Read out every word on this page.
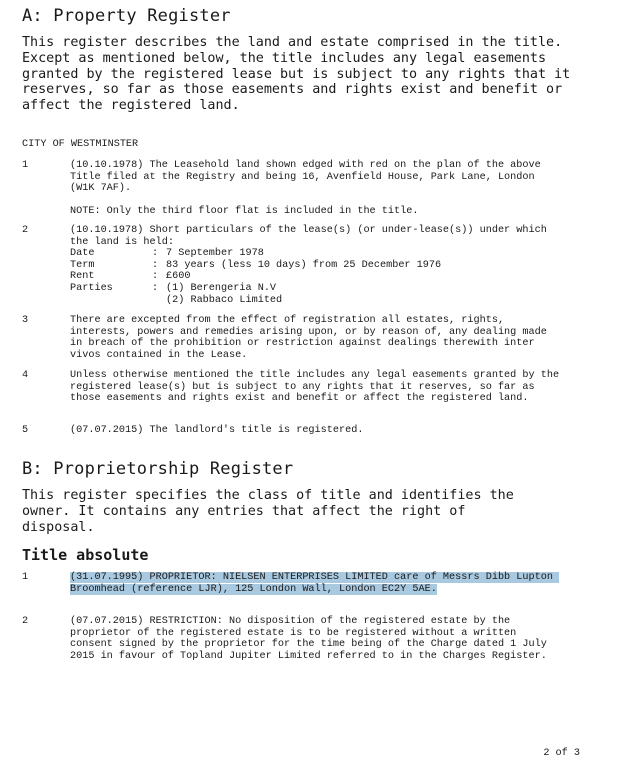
A: Property Register

This register describes the land and estate comprised in the title. Except as mentioned below, the title includes any legal easements granted by the registered lease but is subject to any rights that it reserves, so far as those easements and rights exist and benefit or affect the registered land.

CITY OF WESTMINSTER
1	(10.10.1978) The Leasehold land shown edged with red on the plan of the above Title filed at the Registry and being 16, Avenfield House, Park Lane, London (W1K 7AF).

NOTE: Only the third floor flat is included in the title.

2	(10.10.1978) Short particulars of the lease(s) (or under-lease(s)) under which the land is held:

Date	: 7 September 1978
Term	: 83 years (less 10 days) from 25 December 1976
Rent	: £600
Parties	: (1) Berengeria N.V
(2) Rabbaco Limited
3	There are excepted from the effect of registration all estates, rights, interests, powers and remedies arising upon, or by reason of, any dealing made in breach of the prohibition or restriction against dealings therewith inter vivos contained in the Lease.

4	Unless otherwise mentioned the title includes any legal easements granted by the registered lease(s) but is subject to any rights that it reserves, so far as those easements and rights exist and benefit or affect the registered land.

5	(07.07.2015) The landlord's title is registered.

B: Proprietorship Register

This register specifies the class of title and identifies the owner. It contains any entries that affect the right of disposal.

Title absolute
1	(31.07.1995) PROPRIETOR: NIELSEN ENTERPRISES LIMITED care of Messrs Dibb Lupton Broomhead (reference LJR), 125 London Wall, London EC2Y 5AE.

2	(07.07.2015) RESTRICTION: No disposition of the registered estate by the proprietor of the registered estate is to be registered without a written consent signed by the proprietor for the time being of the Charge dated 1 July 2015 in favour of Topland Jupiter Limited referred to in the Charges Register.

2 of 3
